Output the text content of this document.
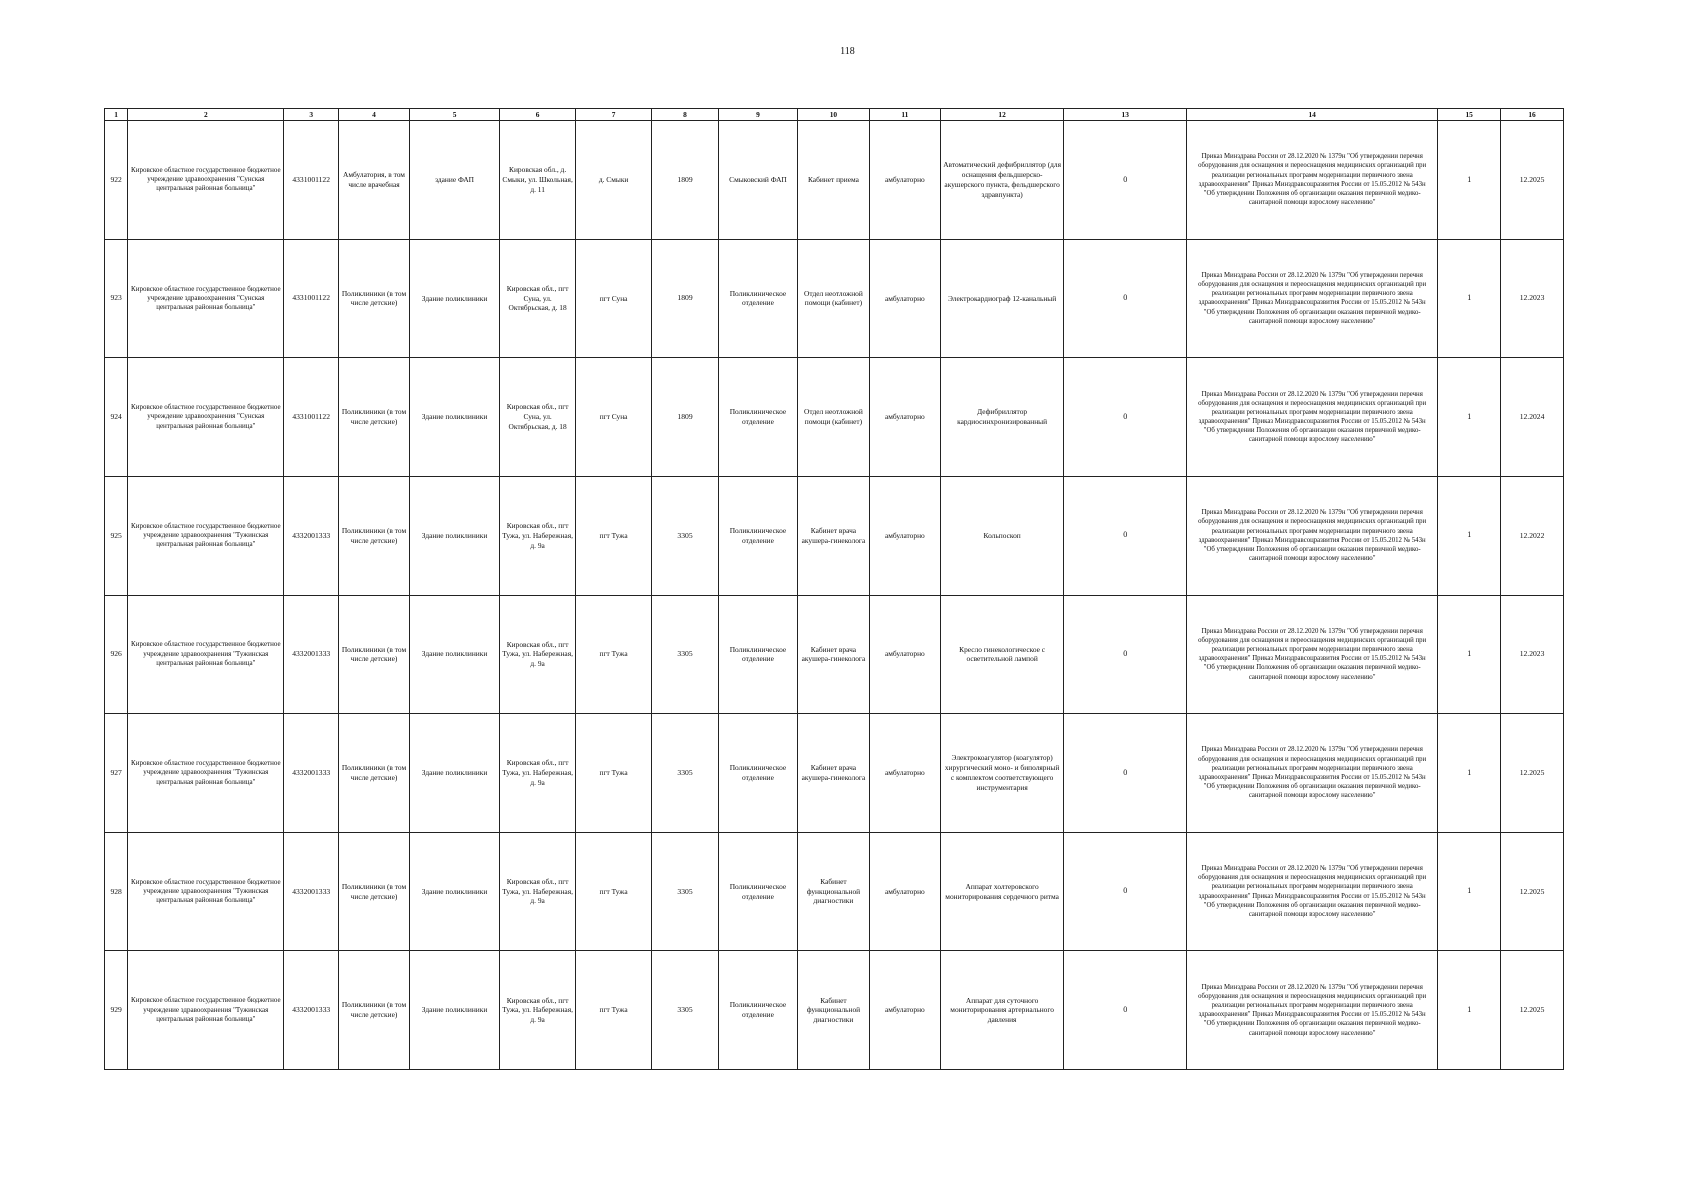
118
1	2	3	4	5	6	7	8	9	10	11	12	13	14	15	16
922	Кировское областное государственное бюджетное учреждение здравоохранения "Сунская центральная районная больница"	4331001122	Амбулатория, в том числе врачебная	здание ФАП	Кировская обл., д. Смыки, ул. Школьная, д. 11	д. Смыки	1809	Смыковский ФАП	Кабинет приема	амбулаторно	Автоматический дефибриллятор (для оснащения фельдшерско-акушерского пункта, фельдшерского здравпункта)	0	Приказ Минздрава России от 28.12.2020 № 1379н "Об утверждении перечня оборудования для оснащения и переоснащения медицинских организаций при реализации региональных программ модернизации первичного звена здравоохранения" Приказ Минздравсоцразвития России от 15.05.2012 № 543н "Об утверждении Положения об организации оказания первичной медико-санитарной помощи взрослому населению"	1	12.2025
923	Кировское областное государственное бюджетное учреждение здравоохранения "Сунская центральная районная больница"	4331001122	Поликлиники (в том числе детские)	Здание поликлиники	Кировская обл., пгт Суна, ул. Октябрьская, д. 18	пгт Суна	1809	Поликлиническое отделение	Отдел неотложной помощи (кабинет)	амбулаторно	Электрокардиограф 12-канальный	0	Приказ Минздрава России от 28.12.2020 № 1379н "Об утверждении перечня оборудования для оснащения и переоснащения медицинских организаций при реализации региональных программ модернизации первичного звена здравоохранения" Приказ Минздравсоцразвития России от 15.05.2012 № 543н "Об утверждении Положения об организации оказания первичной медико-санитарной помощи взрослому населению"	1	12.2023
924	Кировское областное государственное бюджетное учреждение здравоохранения "Сунская центральная районная больница"	4331001122	Поликлиники (в том числе детские)	Здание поликлиники	Кировская обл., пгт Суна, ул. Октябрьская, д. 18	пгт Суна	1809	Поликлиническое отделение	Отдел неотложной помощи (кабинет)	амбулаторно	Дефибриллятор кардиосинхронизированный	0	Приказ Минздрава России от 28.12.2020 № 1379н "Об утверждении перечня оборудования для оснащения и переоснащения медицинских организаций при реализации региональных программ модернизации первичного звена здравоохранения" Приказ Минздравсоцразвития России от 15.05.2012 № 543н "Об утверждении Положения об организации оказания первичной медико-санитарной помощи взрослому населению"	1	12.2024
925	Кировское областное государственное бюджетное учреждение здравоохранения "Тужинская центральная районная больница"	4332001333	Поликлиники (в том числе детские)	Здание поликлиники	Кировская обл., пгт Тужа, ул. Набережная, д. 9а	пгт Тужа	3305	Поликлиническое отделение	Кабинет врача акушера-гинеколога	амбулаторно	Кольпоскоп	0	Приказ Минздрава России от 28.12.2020 № 1379н "Об утверждении перечня оборудования для оснащения и переоснащения медицинских организаций при реализации региональных программ модернизации первичного звена здравоохранения" Приказ Минздравсоцразвития России от 15.05.2012 № 543н "Об утверждении Положения об организации оказания первичной медико-санитарной помощи взрослому населению"	1	12.2022
926	Кировское областное государственное бюджетное учреждение здравоохранения "Тужинская центральная районная больница"	4332001333	Поликлиники (в том числе детские)	Здание поликлиники	Кировская обл., пгт Тужа, ул. Набережная, д. 9а	пгт Тужа	3305	Поликлиническое отделение	Кабинет врача акушера-гинеколога	амбулаторно	Кресло гинекологическое с осветительной лампой	0	Приказ Минздрава России от 28.12.2020 № 1379н "Об утверждении перечня оборудования для оснащения и переоснащения медицинских организаций при реализации региональных программ модернизации первичного звена здравоохранения" Приказ Минздравсоцразвития России от 15.05.2012 № 543н "Об утверждении Положения об организации оказания первичной медико-санитарной помощи взрослому населению"	1	12.2023
927	Кировское областное государственное бюджетное учреждение здравоохранения "Тужинская центральная районная больница"	4332001333	Поликлиники (в том числе детские)	Здание поликлиники	Кировская обл., пгт Тужа, ул. Набережная, д. 9а	пгт Тужа	3305	Поликлиническое отделение	Кабинет врача акушера-гинеколога	амбулаторно	Электрокоагулятор (коагулятор) хирургический моно- и биполярный с комплектом соответствующего инструментария	0	Приказ Минздрава России от 28.12.2020 № 1379н "Об утверждении перечня оборудования для оснащения и переоснащения медицинских организаций при реализации региональных программ модернизации первичного звена здравоохранения" Приказ Минздравсоцразвития России от 15.05.2012 № 543н "Об утверждении Положения об организации оказания первичной медико-санитарной помощи взрослому населению"	1	12.2025
928	Кировское областное государственное бюджетное учреждение здравоохранения "Тужинская центральная районная больница"	4332001333	Поликлиники (в том числе детские)	Здание поликлиники	Кировская обл., пгт Тужа, ул. Набережная, д. 9а	пгт Тужа	3305	Поликлиническое отделение	Кабинет функциональной диагностики	амбулаторно	Аппарат холтеровского мониторирования сердечного ритма	0	Приказ Минздрава России от 28.12.2020 № 1379н "Об утверждении перечня оборудования для оснащения и переоснащения медицинских организаций при реализации региональных программ модернизации первичного звена здравоохранения" Приказ Минздравсоцразвития России от 15.05.2012 № 543н "Об утверждении Положения об организации оказания первичной медико-санитарной помощи взрослому населению"	1	12.2025
929	Кировское областное государственное бюджетное учреждение здравоохранения "Тужинская центральная районная больница"	4332001333	Поликлиники (в том числе детские)	Здание поликлиники	Кировская обл., пгт Тужа, ул. Набережная, д. 9а	пгт Тужа	3305	Поликлиническое отделение	Кабинет функциональной диагностики	амбулаторно	Аппарат для суточного мониторирования артериального давления	0	Приказ Минздрава России от 28.12.2020 № 1379н "Об утверждении перечня оборудования для оснащения и переоснащения медицинских организаций при реализации региональных программ модернизации первичного звена здравоохранения" Приказ Минздравсоцразвития России от 15.05.2012 № 543н "Об утверждении Положения об организации оказания первичной медико-санитарной помощи взрослому населению"	1	12.2025
